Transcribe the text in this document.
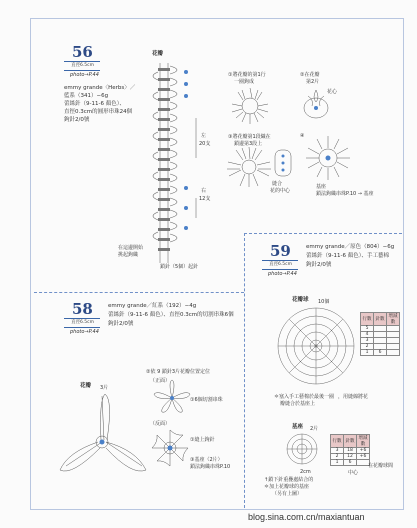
56
直徑6.5cm
photo→P.44
emmy grande〈Herbs〉／
藍系（341）−6g
蕾絲針（9-11-6 顏色）、
直徑0.3cm的圓形串珠24個
鉤針2/0號
花瓣
左
20支
右
12支
在這邊開始
挑起鉤織
鎖針（5個）起針
①將花瓣的第1行
一圈鉤成
②在花瓣
第2片
花心
③將花瓣第1段織在
鎖邊第3段上
④
縫合
花的中心
基座
鎖法鉤織串珠P.10 → 基座
59
直徑6.5cm
photo→P.44
emmy grande／原色（804）−6g
蕾絲針（9-11-6 顏色）、手工藝棉
鉤針2/0號
花瓣球 10個
行數	針數	增減數
5		
4		
3		
2		
1	6	
＊塞入手工藝棉於最後一圈 ，用縫線將花
瓣縫合於基座上
基座 2片
行數	針數	增減數
3	18	+6
2	12	+6
1	6	
2cm	中心
在花瓣球間
↑鎖下針重疊處結合的
＊加上花瓣球的基座
（另有上圖）
58
直徑6.5cm
photo→P.44
emmy grande／紅系（192）−4g
蕾絲針（9-11-6 顏色）、直徑0.3cm的切割串珠6個
鉤針2/0號
花瓣 3片
②依 9 鎖針3片花瓣位置定位
（正面）
①6個切割串珠
（反面）
①縫上鉤針
③基座（2片）
鎖法鉤織串珠P.10
blog.sina.com.cn/maxiantuan
